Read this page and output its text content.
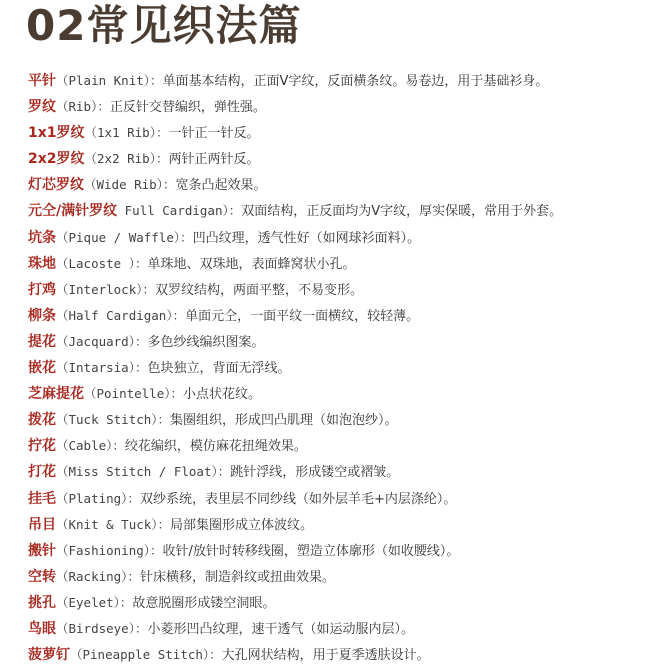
02常见织法篇
平针（Plain Knit）：单面基本结构，正面V字纹，反面横条纹。易卷边，用于基础衫身。
罗纹（Rib）：正反针交替编织，弹性强。
1x1罗纹（1x1 Rib）：一针正一针反。
2x2罗纹（2x2 Rib）：两针正两针反。
灯芯罗纹（Wide Rib）：宽条凸起效果。
元仝/满针罗纹 Full Cardigan）：双面结构，正反面均为V字纹，厚实保暖，常用于外套。
坑条（Pique / Waffle）：凹凸纹理，透气性好（如网球衫面料）。
珠地（Lacoste ）：单珠地、双珠地，表面蜂窝状小孔。
打鸡（Interlock）：双罗纹结构，两面平整，不易变形。
柳条（Half Cardigan）：单面元仝，一面平纹一面横纹，较轻薄。
提花（Jacquard）：多色纱线编织图案。
嵌花（Intarsia）：色块独立，背面无浮线。
芝麻提花（Pointelle）：小点状花纹。
拨花（Tuck Stitch）：集圈组织，形成凹凸肌理（如泡泡纱）。
拧花（Cable）：绞花编织，模仿麻花扭绳效果。
打花（Miss Stitch / Float）：跳针浮线，形成镂空或褶皱。
挂毛（Plating）：双纱系统，表里层不同纱线（如外层羊毛+内层涤纶）。
吊目（Knit & Tuck）：局部集圈形成立体波纹。
搬针（Fashioning）：收针/放针时转移线圈，塑造立体廓形（如收腰线）。
空转（Racking）：针床横移，制造斜纹或扭曲效果。
挑孔（Eyelet）：故意脱圈形成镂空洞眼。
鸟眼（Birdseye）：小菱形凹凸纹理，速干透气（如运动服内层）。
菠萝钉（Pineapple Stitch）：大孔网状结构，用于夏季透肤设计。
